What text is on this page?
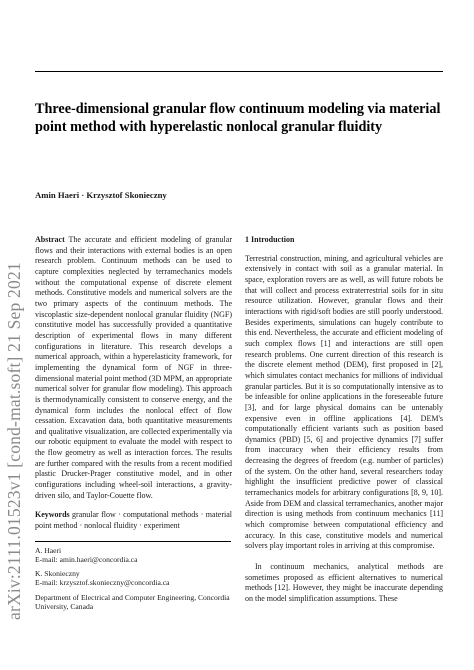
Three-dimensional granular flow continuum modeling via material point method with hyperelastic nonlocal granular fluidity
Amin Haeri · Krzysztof Skonieczny
arXiv:2111.01523v1 [cond-mat.soft] 21 Sep 2021
Abstract The accurate and efficient modeling of granular flows and their interactions with external bodies is an open research problem. Continuum methods can be used to capture complexities neglected by terramechanics models without the computational expense of discrete element methods. Constitutive models and numerical solvers are the two primary aspects of the continuum methods. The viscoplastic size-dependent nonlocal granular fluidity (NGF) constitutive model has successfully provided a quantitative description of experimental flows in many different configurations in literature. This research develops a numerical approach, within a hyperelasticity framework, for implementing the dynamical form of NGF in three-dimensional material point method (3D MPM, an appropriate numerical solver for granular flow modeling). This approach is thermodynamically consistent to conserve energy, and the dynamical form includes the nonlocal effect of flow cessation. Excavation data, both quantitative measurements and qualitative visualization, are collected experimentally via our robotic equipment to evaluate the model with respect to the flow geometry as well as interaction forces. The results are further compared with the results from a recent modified plastic Drucker-Prager constitutive model, and in other configurations including wheel-soil interactions, a gravity-driven silo, and Taylor-Couette flow.
Keywords granular flow · computational methods · material point method · nonlocal fluidity · experiment
A. Haeri
E-mail: amin.haeri@concordia.ca
K. Skonieczny
E-mail: krzysztof.skonieczny@concordia.ca
Department of Electrical and Computer Engineering, Concordia University, Canada
1 Introduction
Terrestrial construction, mining, and agricultural vehicles are extensively in contact with soil as a granular material. In space, exploration rovers are as well, as will future robots be that will collect and process extraterrestrial soils for in situ resource utilization. However, granular flows and their interactions with rigid/soft bodies are still poorly understood. Besides experiments, simulations can hugely contribute to this end. Nevertheless, the accurate and efficient modeling of such complex flows [1] and interactions are still open research problems. One current direction of this research is the discrete element method (DEM), first proposed in [2], which simulates contact mechanics for millions of individual granular particles. But it is so computationally intensive as to be infeasible for online applications in the foreseeable future [3], and for large physical domains can be untenably expensive even in offline applications [4]. DEM's computationally efficient variants such as position based dynamics (PBD) [5, 6] and projective dynamics [7] suffer from inaccuracy when their efficiency results from decreasing the degrees of freedom (e.g. number of particles) of the system. On the other hand, several researchers today highlight the insufficient predictive power of classical terramechanics models for arbitrary configurations [8, 9, 10]. Aside from DEM and classical terramechanics, another major direction is using methods from continuum mechanics [11] which compromise between computational efficiency and accuracy. In this case, constitutive models and numerical solvers play important roles in arriving at this compromise.
In continuum mechanics, analytical methods are sometimes proposed as efficient alternatives to numerical methods [12]. However, they might be inaccurate depending on the model simplification assumptions. These
